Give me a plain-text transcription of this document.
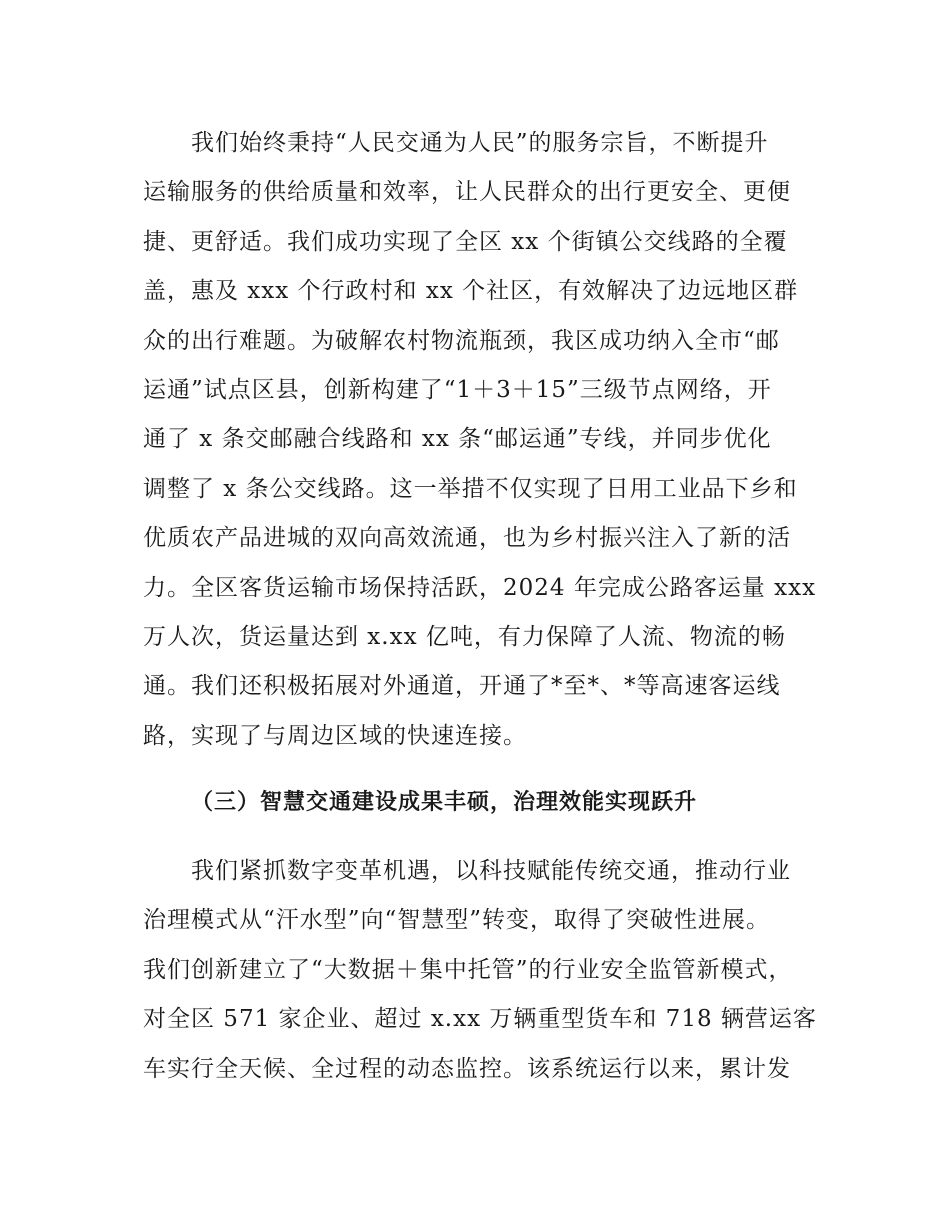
我们始终秉持“人民交通为人民”的服务宗旨，不断提升
运输服务的供给质量和效率，让人民群众的出行更安全、更便
捷、更舒适。我们成功实现了全区 xx 个街镇公交线路的全覆
盖，惠及 xxx 个行政村和 xx 个社区，有效解决了边远地区群
众的出行难题。为破解农村物流瓶颈，我区成功纳入全市“邮
运通”试点区县，创新构建了“1＋3＋15”三级节点网络，开
通了 x 条交邮融合线路和 xx 条“邮运通”专线，并同步优化
调整了 x 条公交线路。这一举措不仅实现了日用工业品下乡和
优质农产品进城的双向高效流通，也为乡村振兴注入了新的活
力。全区客货运输市场保持活跃，2024 年完成公路客运量 xxx
万人次，货运量达到 x.xx 亿吨，有力保障了人流、物流的畅
通。我们还积极拓展对外通道，开通了*至*、*等高速客运线
路，实现了与周边区域的快速连接。
（三）智慧交通建设成果丰硕，治理效能实现跃升
我们紧抓数字变革机遇，以科技赋能传统交通，推动行业
治理模式从“汗水型”向“智慧型”转变，取得了突破性进展。
我们创新建立了“大数据＋集中托管”的行业安全监管新模式，
对全区 571 家企业、超过 x.xx 万辆重型货车和 718 辆营运客
车实行全天候、全过程的动态监控。该系统运行以来，累计发
